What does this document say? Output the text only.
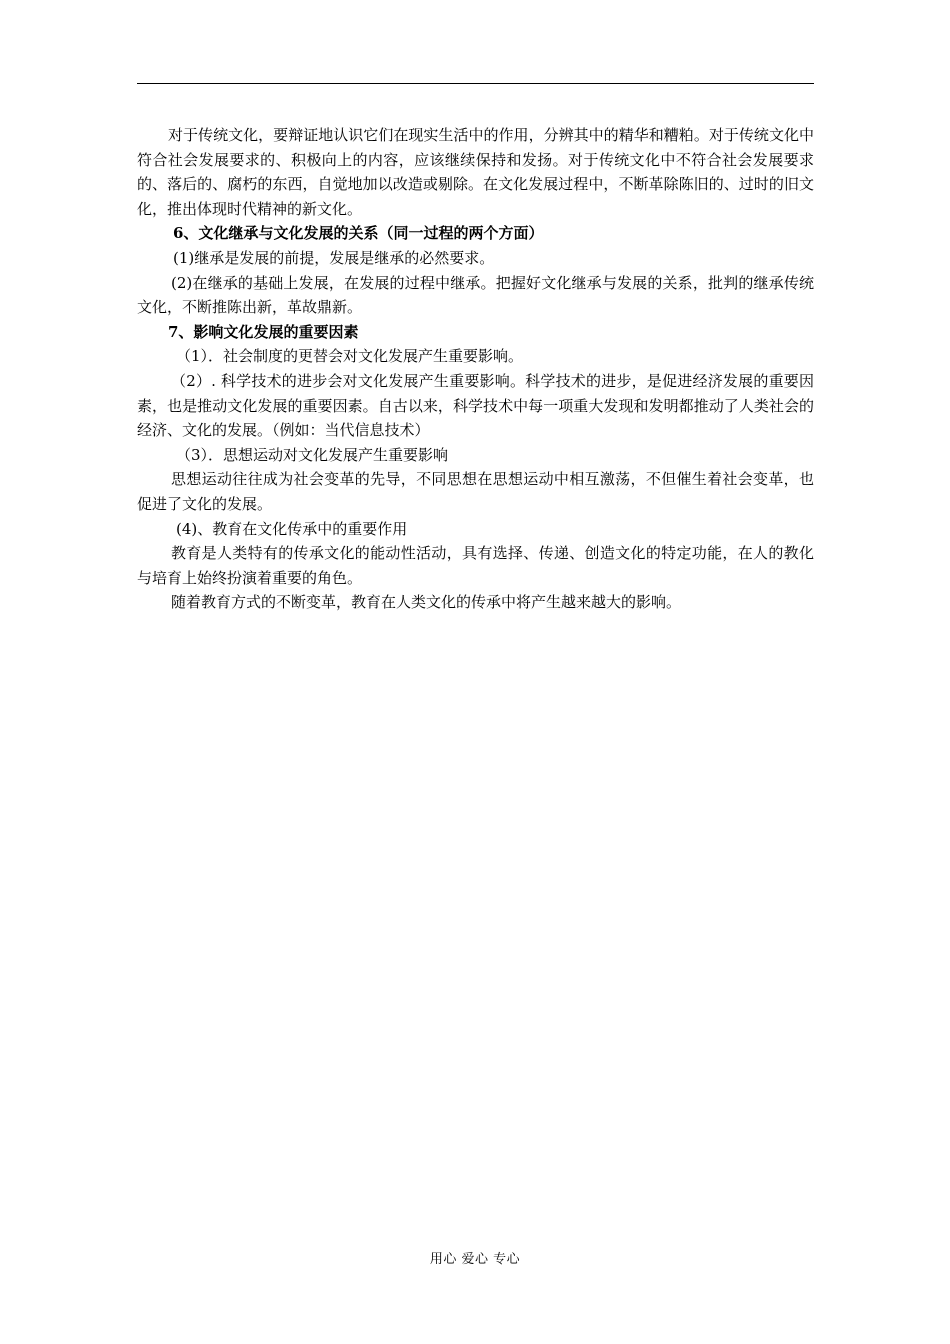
对于传统文化，要辩证地认识它们在现实生活中的作用，分辨其中的精华和糟粕。对于传统文化中符合社会发展要求的、积极向上的内容，应该继续保持和发扬。对于传统文化中不符合社会发展要求的、落后的、腐朽的东西，自觉地加以改造或剔除。在文化发展过程中，不断革除陈旧的、过时的旧文化，推出体现时代精神的新文化。

6、文化继承与文化发展的关系（同一过程的两个方面）

(1)继承是发展的前提，发展是继承的必然要求。

(2)在继承的基础上发展，在发展的过程中继承。把握好文化继承与发展的关系，批判的继承传统文化，不断推陈出新，革故鼎新。

7、影响文化发展的重要因素

（1）．社会制度的更替会对文化发展产生重要影响。

（2）. 科学技术的进步会对文化发展产生重要影响。科学技术的进步，是促进经济发展的重要因素，也是推动文化发展的重要因素。自古以来，科学技术中每一项重大发现和发明都推动了人类社会的经济、文化的发展。（例如：当代信息技术）

（3）．思想运动对文化发展产生重要影响

思想运动往往成为社会变革的先导，不同思想在思想运动中相互激荡，不但催生着社会变革，也促进了文化的发展。

(4)、教育在文化传承中的重要作用

教育是人类特有的传承文化的能动性活动，具有选择、传递、创造文化的特定功能，在人的教化与培育上始终扮演着重要的角色。

随着教育方式的不断变革，教育在人类文化的传承中将产生越来越大的影响。

用心 爱心 专心
